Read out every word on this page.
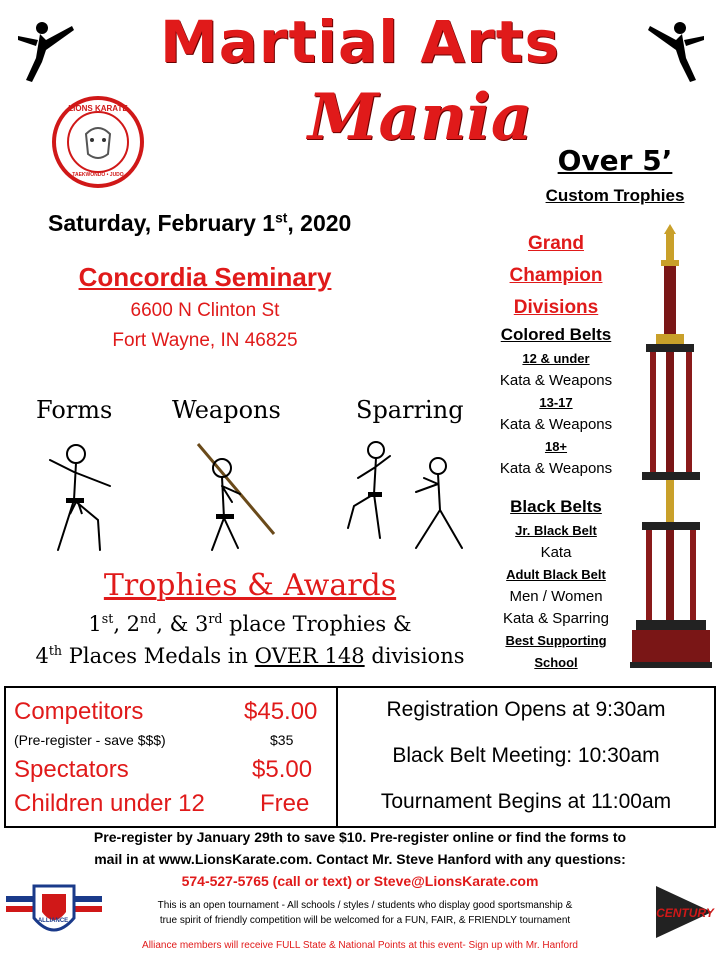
Martial Arts
Mania
LIONS KARATE
TAEKWONDO • JUDO	Over 5’
Custom Trophies
Saturday, February 1st, 2020
Concordia Seminary
6600 N Clinton St
Fort Wayne, IN 46825
Forms Weapons	Sparring
Trophies & Awards
1st, 2nd, & 3rd place Trophies &
4th Places Medals in OVER 148 divisions
Grand
Champion
Divisions
Colored Belts
12 & under
Kata & Weapons
13-17
Kata & Weapons
18+
Kata & Weapons
Black Belts
Jr. Black Belt
Kata
Adult Black Belt
Men / Women
Kata & Sparring
Best Supporting
School
Competitors	$45.00
(Pre-register - save $$$)	$35
Spectators	$5.00
Children under 12 Free
Registration Opens at 9:30am
Black Belt Meeting: 10:30am
Tournament Begins at 11:00am
Pre-register by January 29th to save $10. Pre-register online or find the forms to
mail in at www.LionsKarate.com. Contact Mr. Steve Hanford with any questions:
574-527-5765 (call or text) or Steve@LionsKarate.com
ALLIANCE
This is an open tournament - All schools / styles / students who display good sportsmanship &
true spirit of friendly competition will be welcomed for a FUN, FAIR, & FRIENDLY tournament
CENTURY
Alliance members will receive FULL State & National Points at this event- Sign up with Mr. Hanford
